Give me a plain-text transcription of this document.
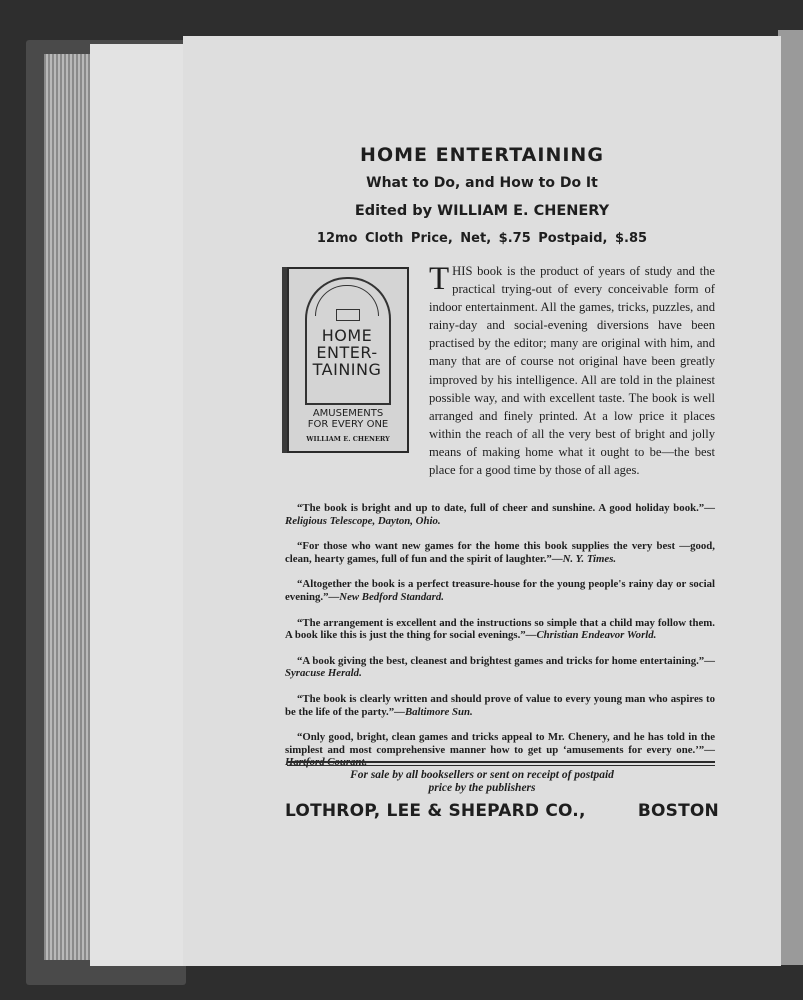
HOME ENTERTAINING
What to Do, and How to Do It
Edited by WILLIAM E. CHENERY
12mo Cloth Price, Net, $.75 Postpaid, $.85
HOME
ENTER-
TAINING
AMUSEMENTS
FOR EVERY ONE
WILLIAM E. CHENERY

THIS book is the product of years of study and the practical trying-out of every conceivable form of indoor entertainment. All the games, tricks, puzzles, and rainy-day and social-evening diversions have been practised by the editor; many are original with him, and many that are of course not original have been greatly improved by his intelligence. All are told in the plainest possible way, and with excellent taste. The book is well arranged and finely printed. At a low price it places within the reach of all the very best of bright and jolly means of making home what it ought to be—the best place for a good time by those of all ages.

“The book is bright and up to date, full of cheer and sunshine. A good holiday book.”—Religious Telescope, Dayton, Ohio.

“For those who want new games for the home this book supplies the very best —good, clean, hearty games, full of fun and the spirit of laughter.”—N. Y. Times.

“Altogether the book is a perfect treasure-house for the young people's rainy day or social evening.”—New Bedford Standard.

“The arrangement is excellent and the instructions so simple that a child may follow them. A book like this is just the thing for social evenings.”—Christian Endeavor World.

“A book giving the best, cleanest and brightest games and tricks for home entertaining.”—Syracuse Herald.

“The book is clearly written and should prove of value to every young man who aspires to be the life of the party.”—Baltimore Sun.

“Only good, bright, clean games and tricks appeal to Mr. Chenery, and he has told in the simplest and most comprehensive manner how to get up ‘amusements for every one.’”—Hartford Courant.

For sale by all booksellers or sent on receipt of postpaid
price by the publishers
LOTHROP, LEE & SHEPARD CO.,	BOSTON
